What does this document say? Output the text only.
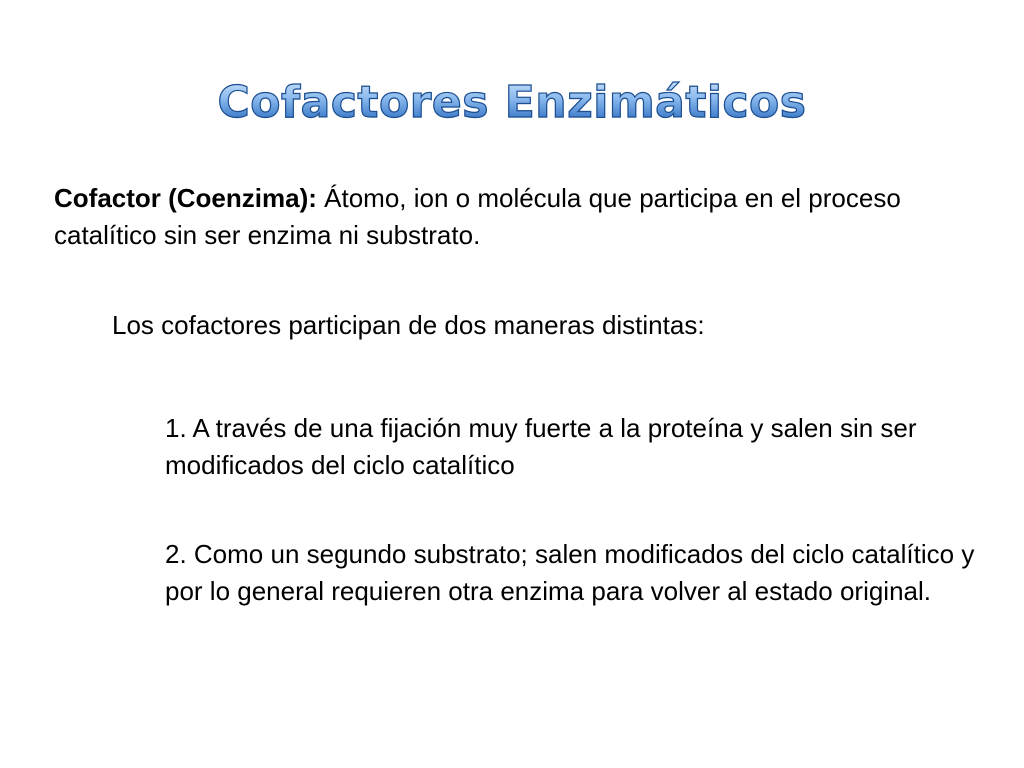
Cofactores Enzimáticos

Cofactor (Coenzima): Átomo, ion o molécula que participa en el proceso catalítico sin ser enzima ni substrato.

Los cofactores participan de dos maneras distintas:

1. A través de una fijación muy fuerte a la proteína y salen sin ser modificados del ciclo catalítico

2. Como un segundo substrato; salen modificados del ciclo catalítico y por lo general requieren otra enzima para volver al estado original.
